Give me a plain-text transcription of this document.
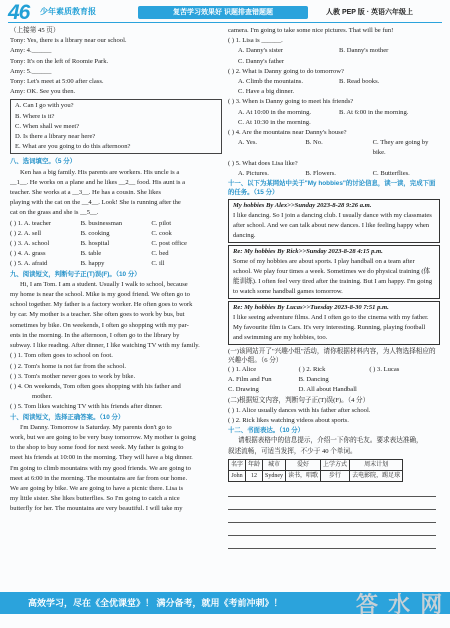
46 少年素质教育报	复苦学习效果好 识题排查错题题	人教 PEP 版 · 英语六年级上
（上接第 45 页）
Tony: Yes, there is a library near our school.
Amy: 4.______
Tony: It's on the left of Roomie Park.
Amy: 5.______
Tony: Let's meet at 5:00 after class.
Amy: OK. See you then.
A. Can I go with you?
B. Where is it?
C. When shall we meet?
D. Is there a library near here?
E. What are you going to do this afternoon?
八、选词填空。（5 分）
Ken has a big family. His parents are workers. His uncle is a
__1__. He works on a plane and he likes __2__ food. His aunt is a
teacher. She works at a __3__. He has a cousin. She likes
playing with the cat on the __4__. Look! She is running after the
cat on the grass and she is __5__.
( ) 1. A. teacher	B. businessman	C. pilot
( ) 2. A. sell	B. cooking	C. cook
( ) 3. A. school	B. hospital	C. post office
( ) 4. A. grass	B. table	C. bed
( ) 5. A. afraid	B. happy	C. ill
九、阅读短文，判断句子正(T)误(F)。（10 分）
Hi, I am Tom. I am a student. Usually I walk to school, because
my home is near the school. Mike is my good friend. We often go to
school together. My father is a factory worker. He often goes to work
by car. My mother is a teacher. She often goes to work by bus, but
sometimes by bike. On weekends, I often go shopping with my par-
ents in the morning. In the afternoon, I often go to the library by
subway. I like reading. After dinner, I like watching TV with my family.
( ) 1. Tom often goes to school on foot.
( ) 2. Tom's home is not far from the school.
( ) 3. Tom's mother never goes to work by bike.
( ) 4. On weekends, Tom often goes shopping with his father and
mother.
( ) 5. Tom likes watching TV with his friends after dinner.
十、阅读短文，选择正确答案。（10 分）
I'm Danny. Tomorrow is Saturday. My parents don't go to
work, but we are going to be very busy tomorrow. My mother is going
to the shop to buy some food for next week. My father is going to
meet his friends at 10:00 in the morning. They will have a big dinner.
I'm going to climb mountains with my good friends. We are going to
meet at 6:00 in the morning. The mountains are far from our home.
We are going by bike. We are going to have a picnic there. Lisa is
my little sister. She likes butterflies. So I'm going to catch a nice
butterfly for her. The mountains are very beautiful. I will take my
camera. I'm going to take some nice pictures. That will be fun!
( ) 1. Lisa is ______.
A. Danny's sister	B. Danny's mother
C. Danny's father
( ) 2. What is Danny going to do tomorrow?
A. Climb the mountains.	B. Read books.
C. Have a big dinner.
( ) 3. When is Danny going to meet his friends?
A. At 10:00 in the morning.	B. At 6:00 in the morning.
C. At 10:30 in the morning.
( ) 4. Are the mountains near Danny's house?
A. Yes.	B. No.	C. They are going by bike.
( ) 5. What does Lisa like?
A. Pictures.	B. Flowers.	C. Butterflies.
十一、以下为某网站中关于"My hobbies"的讨论信息，读一读，完成下面的任务。（15 分）
My hobbies By Alex>>Sunday 2023-8-28 9:26 a.m.
I like dancing. So I join a dancing club. I usually dance with my classmates after school. And we can talk about new dances. I like feeling happy when dancing.
Re: My hobbies By Rick>>Sunday 2023-8-28 4:15 p.m.
Some of my hobbies are about sports. I play handball on a team after school. We play four times a week. Sometimes we do physical training (体能训练). I often feel very tired after the training. But I am happy. I'm going to watch some handball games tomorrow.
Re: My hobbies By Lucas>>Tuesday 2023-8-30 7:51 p.m.
I like seeing adventure films. And I often go to the cinema with my father. My favourite film is Cars. It's very interesting. Running, playing football and swimming are my hobbies, too.
(一)该网站开了"兴趣小组"活动，请你根据材料内容，为人物选择相应的兴趣小组。（6 分）
( ) 1. Alice	( ) 2. Rick	( ) 3. Lucas
A. Film and Fun	B. Dancing
C. Drawing	D. All about Handball
(二)根据短文内容，判断句子正(T)误(F)。（4 分）
( ) 1. Alice usually dances with his father after school.
( ) 2. Rick likes watching videos about sports.
十二、书面表达。（10 分）
请根据表格中的信息提示，介绍一下你的毛友。要求表达准确，
叙述流畅，可适当发挥，不少于 40 个单词。
名字	年龄	城市	爱好	上学方式	周末计划
John	12	Sydney	读书，唱歌	步行	去电影院，踢足球
高效学习，尽在《全优课堂》！ 满分备考，就用《考前冲刺》！	答 水 网
